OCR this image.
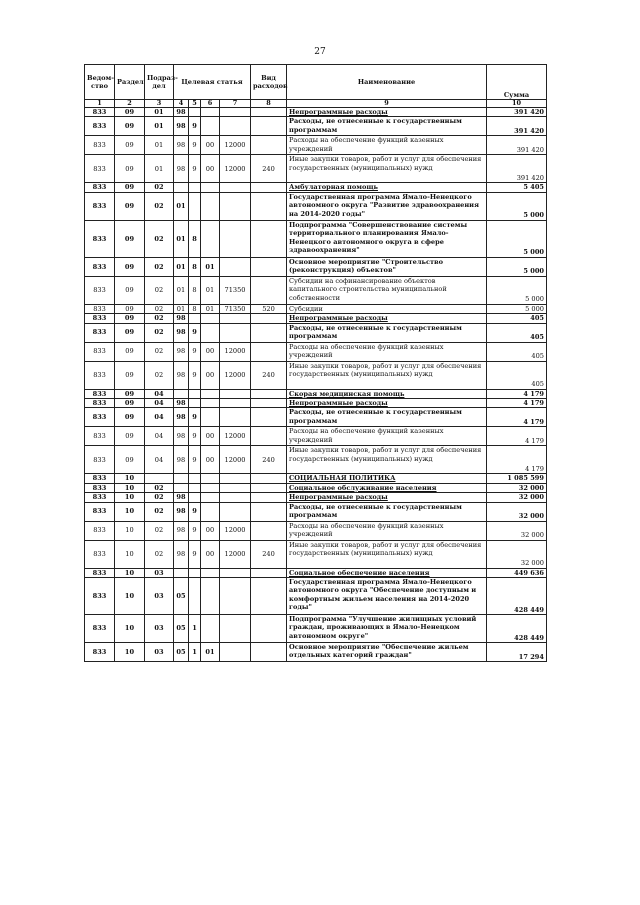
27
Ведом-ство	Раздел	Подраз-дел	Целевая статья				Вид расходов	Наименование	Сумма
1	2	3	4	5	6	7	8	9	10
833	09	01	98					Непрограммные расходы	391 420
833	09	01	98	9				Расходы, не отнесенные к государственным программам	391 420
833	09	01	98	9	00	12000		Расходы на обеспечение функций казенных учреждений	391 420
833	09	01	98	9	00	12000	240	Иные закупки товаров, работ и услуг для обеспечения государственных (муниципальных) нужд	391 420
833	09	02						Амбулаторная помощь	5 405
833	09	02	01					Государственная программа Ямало-Ненецкого автономного округа "Развитие здравоохранения на 2014-2020 годы"	5 000
833	09	02	01	8				Подпрограмма "Совершенствование системы территориального планирования Ямало-Ненецкого автономного округа в сфере здравоохранения"	5 000
833	09	02	01	8	01			Основное мероприятие "Строительство (реконструкция) объектов"	5 000
833	09	02	01	8	01	71350		Субсидии на софинансирование объектов капитального строительства муниципальной собственности	5 000
833	09	02	01	8	01	71350	520	Субсидии	5 000
833	09	02	98					Непрограммные расходы	405
833	09	02	98	9				Расходы, не отнесенные к государственным программам	405
833	09	02	98	9	00	12000		Расходы на обеспечение функций казенных учреждений	405
833	09	02	98	9	00	12000	240	Иные закупки товаров, работ и услуг для обеспечения государственных (муниципальных) нужд	405
833	09	04						Скорая медицинская помощь	4 179
833	09	04	98					Непрограммные расходы	4 179
833	09	04	98	9				Расходы, не отнесенные к государственным программам	4 179
833	09	04	98	9	00	12000		Расходы на обеспечение функций казенных учреждений	4 179
833	09	04	98	9	00	12000	240	Иные закупки товаров, работ и услуг для обеспечения государственных (муниципальных) нужд	4 179
833	10							СОЦИАЛЬНАЯ ПОЛИТИКА	1 085 599
833	10	02						Социальное обслуживание населения	32 000
833	10	02	98					Непрограммные расходы	32 000
833	10	02	98	9				Расходы, не отнесенные к государственным программам	32 000
833	10	02	98	9	00	12000		Расходы на обеспечение функций казенных учреждений	32 000
833	10	02	98	9	00	12000	240	Иные закупки товаров, работ и услуг для обеспечения государственных (муниципальных) нужд	32 000
833	10	03						Социальное обеспечение населения	449 636
833	10	03	05					Государственная программа Ямало-Ненецкого автономного округа "Обеспечение доступным и комфортным жильем населения на 2014-2020 годы"	428 449
833	10	03	05	1				Подпрограмма "Улучшение жилищных условий граждан, проживающих в Ямало-Ненецком автономном округе"	428 449
833	10	03	05	1	01			Основное мероприятие "Обеспечение жильем отдельных категорий граждан"	17 294
